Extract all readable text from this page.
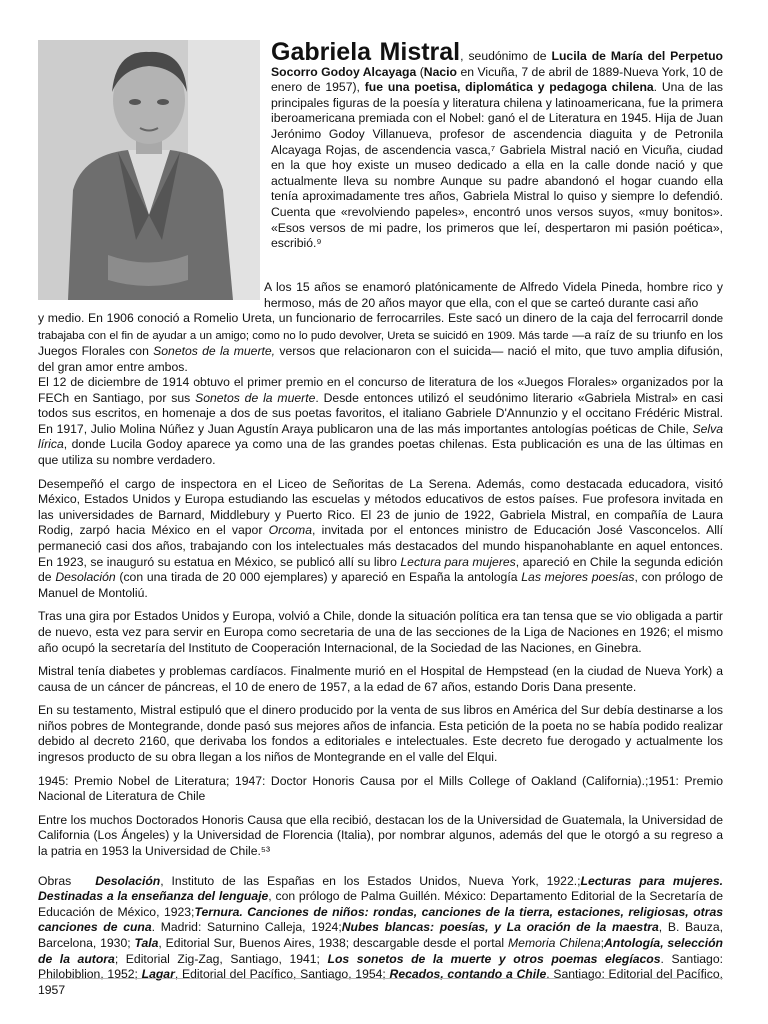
Gabriela Mistral, seudónimo de Lucila de María del Perpetuo Socorro Godoy Alcayaga (Nacio en Vicuña, 7 de abril de 1889-Nueva York, 10 de enero de 1957), fue una poetisa, diplomática y pedagoga chilena. Una de las principales figuras de la poesía y literatura chilena y latinoamericana, fue la primera iberoamericana premiada con el Nobel: ganó el de Literatura en 1945. Hija de Juan Jerónimo Godoy Villanueva, profesor de ascendencia diaguita y de Petronila Alcayaga Rojas, de ascendencia vasca,⁷ Gabriela Mistral nació en Vicuña, ciudad en la que hoy existe un museo dedicado a ella en la calle donde nació y que actualmente lleva su nombre Aunque su padre abandonó el hogar cuando ella tenía aproximadamente tres años, Gabriela Mistral lo quiso y siempre lo defendió. Cuenta que «revolviendo papeles», encontró unos versos suyos, «muy bonitos». «Esos versos de mi padre, los primeros que leí, despertaron mi pasión poética», escribió.⁹
A los 15 años se enamoró platónicamente de Alfredo Videla Pineda, hombre rico y hermoso, más de 20 años mayor que ella, con el que se carteó durante casi año
y medio. En 1906 conoció a Romelio Ureta, un funcionario de ferrocarriles. Este sacó un dinero de la caja del ferrocarril donde trabajaba con el fin de ayudar a un amigo; como no lo pudo devolver, Ureta se suicidó en 1909. Más tarde —a raíz de su triunfo en los Juegos Florales con Sonetos de la muerte, versos que relacionaron con el suicida— nació el mito, que tuvo amplia difusión, del gran amor entre ambos.

El 12 de diciembre de 1914 obtuvo el primer premio en el concurso de literatura de los «Juegos Florales» organizados por la FECh en Santiago, por sus Sonetos de la muerte. Desde entonces utilizó el seudónimo literario «Gabriela Mistral» en casi todos sus escritos, en homenaje a dos de sus poetas favoritos, el italiano Gabriele D'Annunzio y el occitano Frédéric Mistral. En 1917, Julio Molina Núñez y Juan Agustín Araya publicaron una de las más importantes antologías poéticas de Chile, Selva lírica, donde Lucila Godoy aparece ya como una de las grandes poetas chilenas. Esta publicación es una de las últimas en que utiliza su nombre verdadero.

Desempeñó el cargo de inspectora en el Liceo de Señoritas de La Serena. Además, como destacada educadora, visitó México, Estados Unidos y Europa estudiando las escuelas y métodos educativos de estos países. Fue profesora invitada en las universidades de Barnard, Middlebury y Puerto Rico. El 23 de junio de 1922, Gabriela Mistral, en compañía de Laura Rodig, zarpó hacia México en el vapor Orcoma, invitada por el entonces ministro de Educación José Vasconcelos. Allí permaneció casi dos años, trabajando con los intelectuales más destacados del mundo hispanohablante en aquel entonces. En 1923, se inauguró su estatua en México, se publicó allí su libro Lectura para mujeres, apareció en Chile la segunda edición de Desolación (con una tirada de 20 000 ejemplares) y apareció en España la antología Las mejores poesías, con prólogo de Manuel de Montoliú.

Tras una gira por Estados Unidos y Europa, volvió a Chile, donde la situación política era tan tensa que se vio obligada a partir de nuevo, esta vez para servir en Europa como secretaria de una de las secciones de la Liga de Naciones en 1926; el mismo año ocupó la secretaría del Instituto de Cooperación Internacional, de la Sociedad de las Naciones, en Ginebra.

Mistral tenía diabetes y problemas cardíacos. Finalmente murió en el Hospital de Hempstead (en la ciudad de Nueva York) a causa de un cáncer de páncreas, el 10 de enero de 1957, a la edad de 67 años, estando Doris Dana presente.

En su testamento, Mistral estipuló que el dinero producido por la venta de sus libros en América del Sur debía destinarse a los niños pobres de Montegrande, donde pasó sus mejores años de infancia. Esta petición de la poeta no se había podido realizar debido al decreto 2160, que derivaba los fondos a editoriales e intelectuales. Este decreto fue derogado y actualmente los ingresos producto de su obra llegan a los niños de Montegrande en el valle del Elqui.

1945: Premio Nobel de Literatura; 1947: Doctor Honoris Causa por el Mills College of Oakland (California).;1951: Premio Nacional de Literatura de Chile

Entre los muchos Doctorados Honoris Causa que ella recibió, destacan los de la Universidad de Guatemala, la Universidad de California (Los Ángeles) y la Universidad de Florencia (Italia), por nombrar algunos, además del que le otorgó a su regreso a la patria en 1953 la Universidad de Chile.⁵³

Obras Desolación, Instituto de las Españas en los Estados Unidos, Nueva York, 1922.;Lecturas para mujeres. Destinadas a la enseñanza del lenguaje, con prólogo de Palma Guillén. México: Departamento Editorial de la Secretaría de Educación de México, 1923;Ternura. Canciones de niños: rondas, canciones de la tierra, estaciones, religiosas, otras canciones de cuna. Madrid: Saturnino Calleja, 1924;Nubes blancas: poesías, y La oración de la maestra, B. Bauza, Barcelona, 1930; Tala, Editorial Sur, Buenos Aires, 1938; descargable desde el portal Memoria Chilena;Antología, selección de la autora; Editorial Zig-Zag, Santiago, 1941; Los sonetos de la muerte y otros poemas elegíacos. Santiago: Philobiblion, 1952; Lagar, Editorial del Pacífico, Santiago, 1954; Recados, contando a Chile. Santiago: Editorial del Pacífico, 1957
